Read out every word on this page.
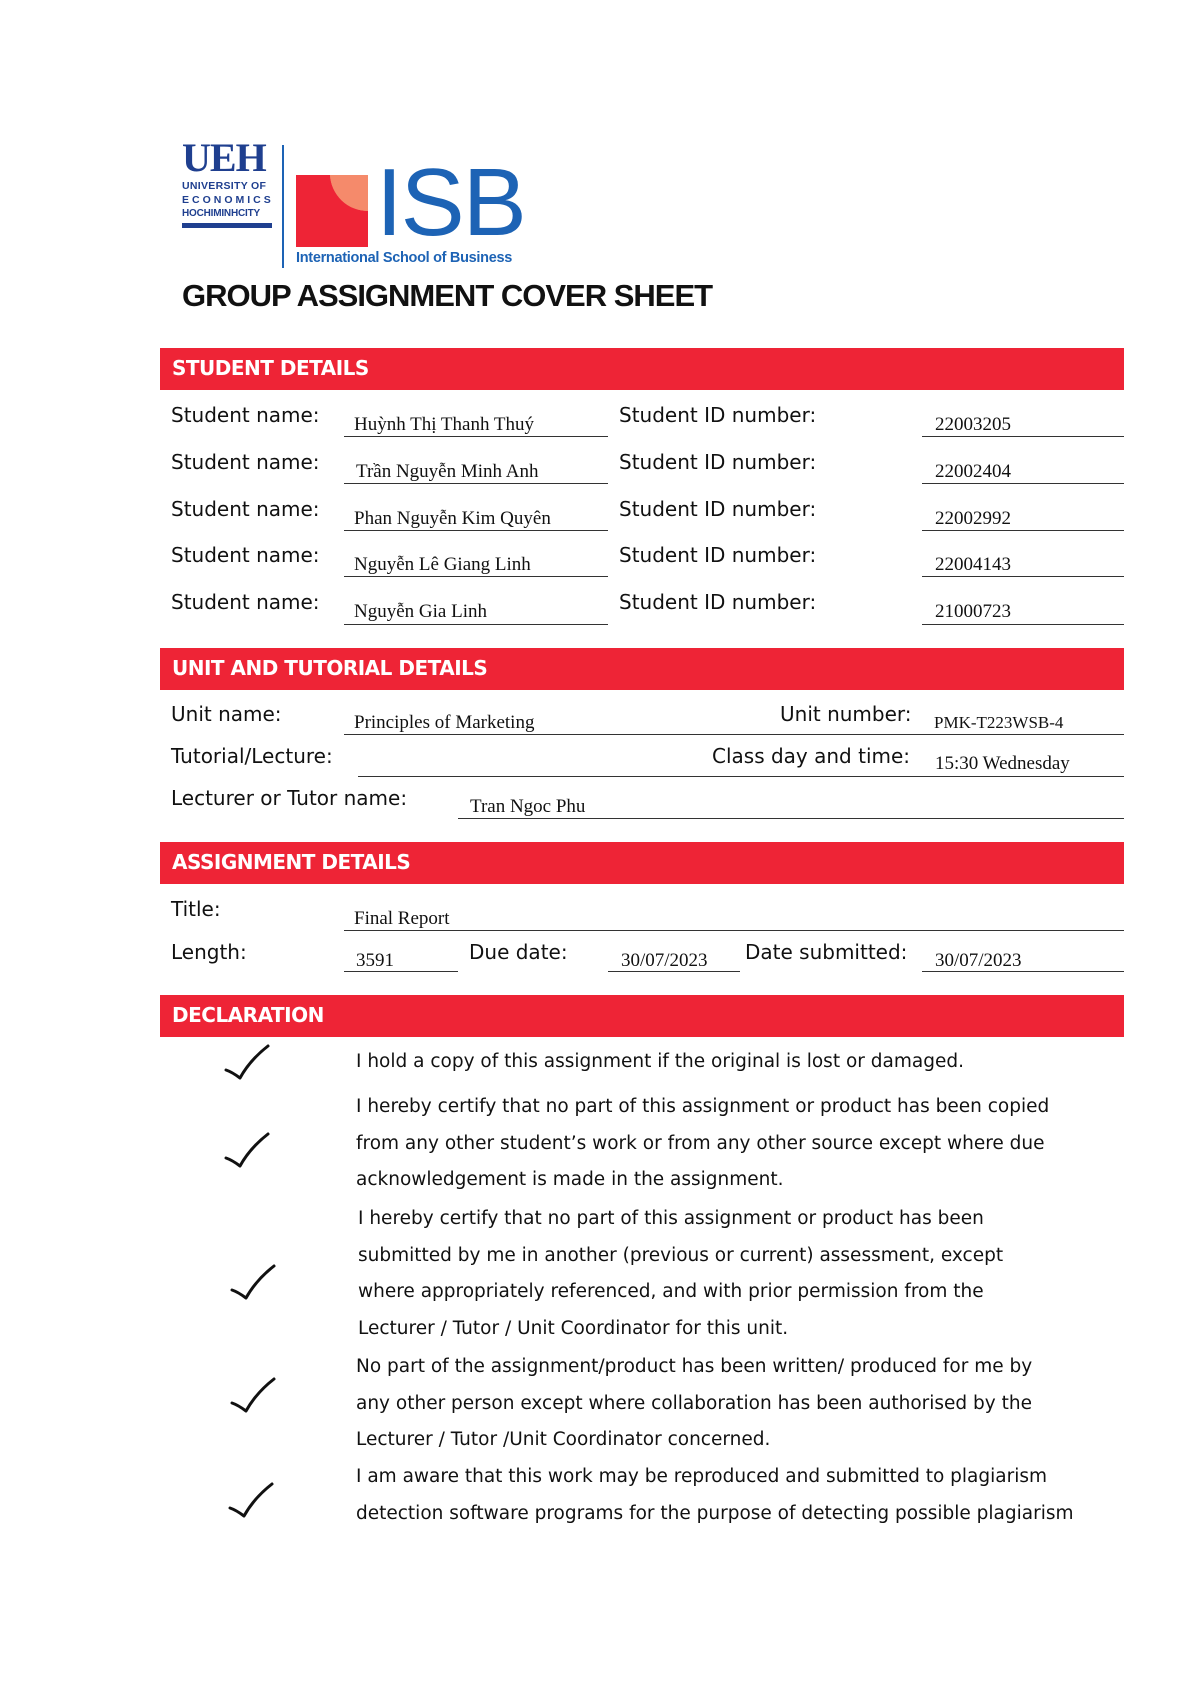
UEH
UNIVERSITY OF
ECONOMICS
HOCHIMINHCITY ISB
International School of Business
GROUP ASSIGNMENT COVER SHEET
STUDENT DETAILS
Student name: Huỳnh Thị Thanh Thuý	Student ID number:	22003205
Student name: Trần Nguyễn Minh Anh	Student ID number:	22002404
Student name: Phan Nguyễn Kim Quyên	Student ID number:	22002992
Student name: Nguyễn Lê Giang Linh	Student ID number:	22004143
Student name: Nguyễn Gia Linh	Student ID number:	21000723
UNIT AND TUTORIAL DETAILS
Unit name:	Principles of Marketing	Unit number: PMK-T223WSB-4
Tutorial/Lecture:	Class day and time: 15:30 Wednesday
Lecturer or Tutor name:	Tran Ngoc Phu
ASSIGNMENT DETAILS
Title:	Final Report
Length:	3591	Due date:	30/07/2023 Date submitted: 30/07/2023
DECLARATION

I hold a copy of this assignment if the original is lost or damaged.

I hereby certify that no part of this assignment or product has been copied

from any other student’s work or from any other source except where due

acknowledgement is made in the assignment.

I hereby certify that no part of this assignment or product has been

submitted by me in another (previous or current) assessment, except

where appropriately referenced, and with prior permission from the

Lecturer / Tutor / Unit Coordinator for this unit.

No part of the assignment/product has been written/ produced for me by

any other person except where collaboration has been authorised by the

Lecturer / Tutor /Unit Coordinator concerned.

I am aware that this work may be reproduced and submitted to plagiarism

detection software programs for the purpose of detecting possible plagiarism
